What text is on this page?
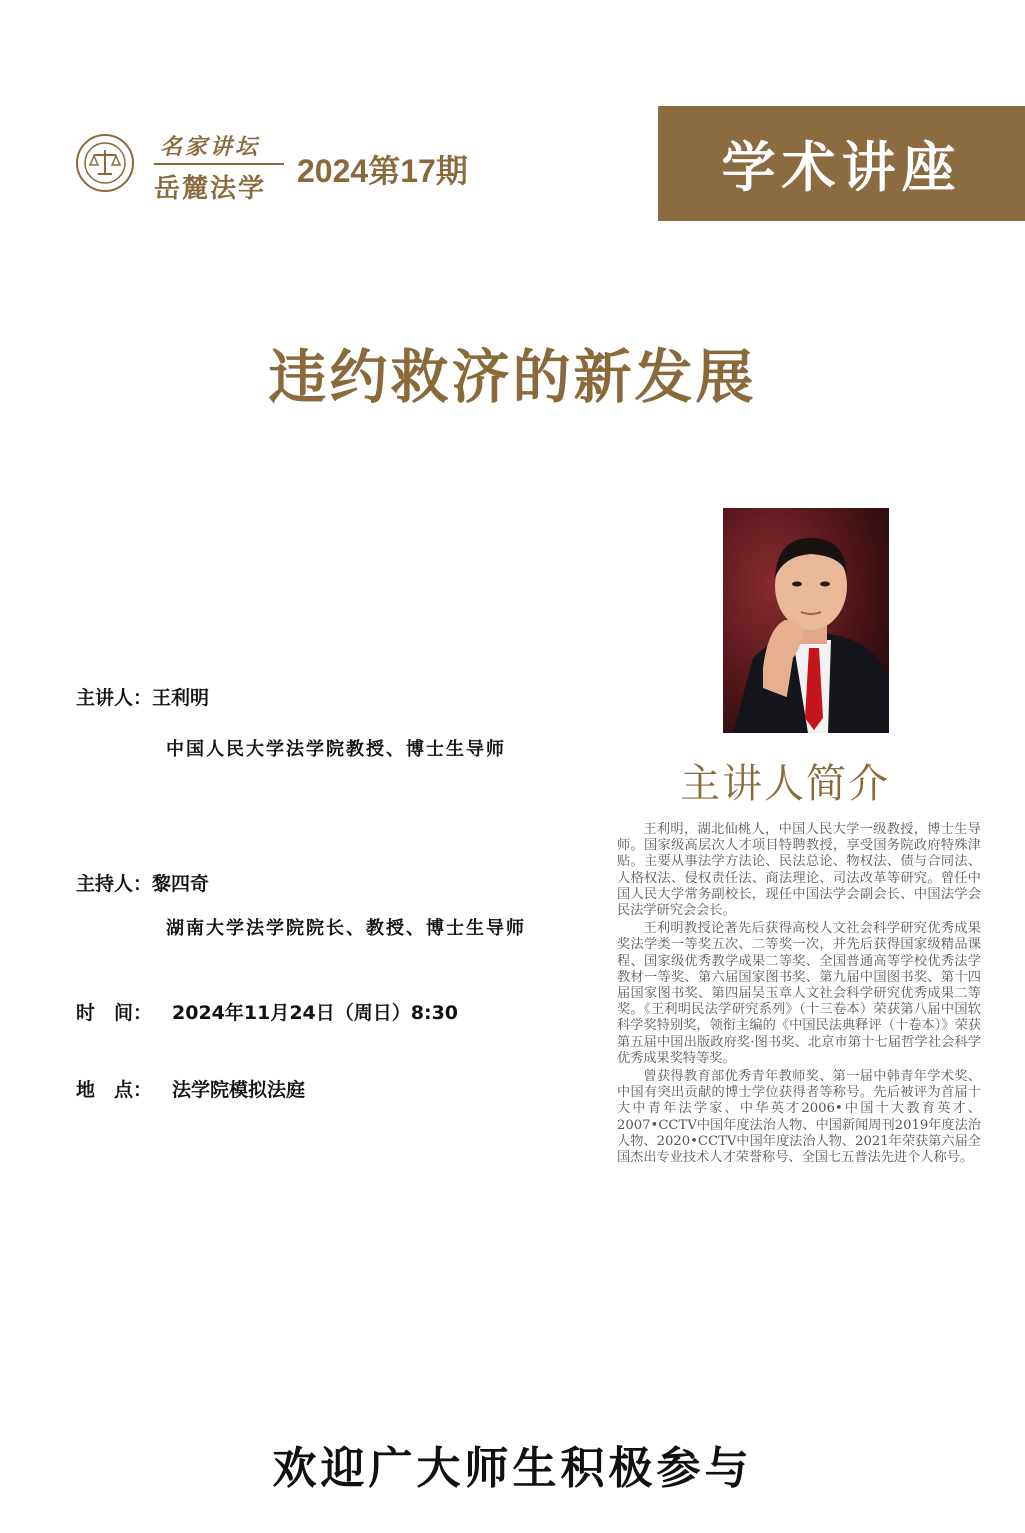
名家讲坛
岳麓法学 2024第17期	学术讲座
违约救济的新发展
主讲人：王利明
中国人民大学法学院教授、博士生导师
主持人：黎四奇
湖南大学法学院院长、教授、博士生导师
时　间： 2024年11月24日（周日）8:30
地　点： 法学院模拟法庭
主讲人简介

王利明，湖北仙桃人，中国人民大学一级教授，博士生导师。国家级高层次人才项目特聘教授，享受国务院政府特殊津贴。主要从事法学方法论、民法总论、物权法、债与合同法、人格权法、侵权责任法、商法理论、司法改革等研究。曾任中国人民大学常务副校长，现任中国法学会副会长、中国法学会民法学研究会会长。

王利明教授论著先后获得高校人文社会科学研究优秀成果奖法学类一等奖五次、二等奖一次，并先后获得国家级精品课程、国家级优秀教学成果二等奖、全国普通高等学校优秀法学教材一等奖、第六届国家图书奖、第九届中国图书奖、第十四届国家图书奖、第四届吴玉章人文社会科学研究优秀成果二等奖。《王利明民法学研究系列》（十三卷本）荣获第八届中国软科学奖特别奖，领衔主编的《中国民法典释评（十卷本）》荣获第五届中国出版政府奖·图书奖、北京市第十七届哲学社会科学优秀成果奖特等奖。

曾获得教育部优秀青年教师奖、第一届中韩青年学术奖、中国有突出贡献的博士学位获得者等称号。先后被评为首届十大中青年法学家、中华英才2006•中国十大教育英才、2007•CCTV中国年度法治人物、中国新闻周刊2019年度法治人物、2020•CCTV中国年度法治人物、2021年荣获第六届全国杰出专业技术人才荣誉称号、全国七五普法先进个人称号。

欢迎广大师生积极参与
